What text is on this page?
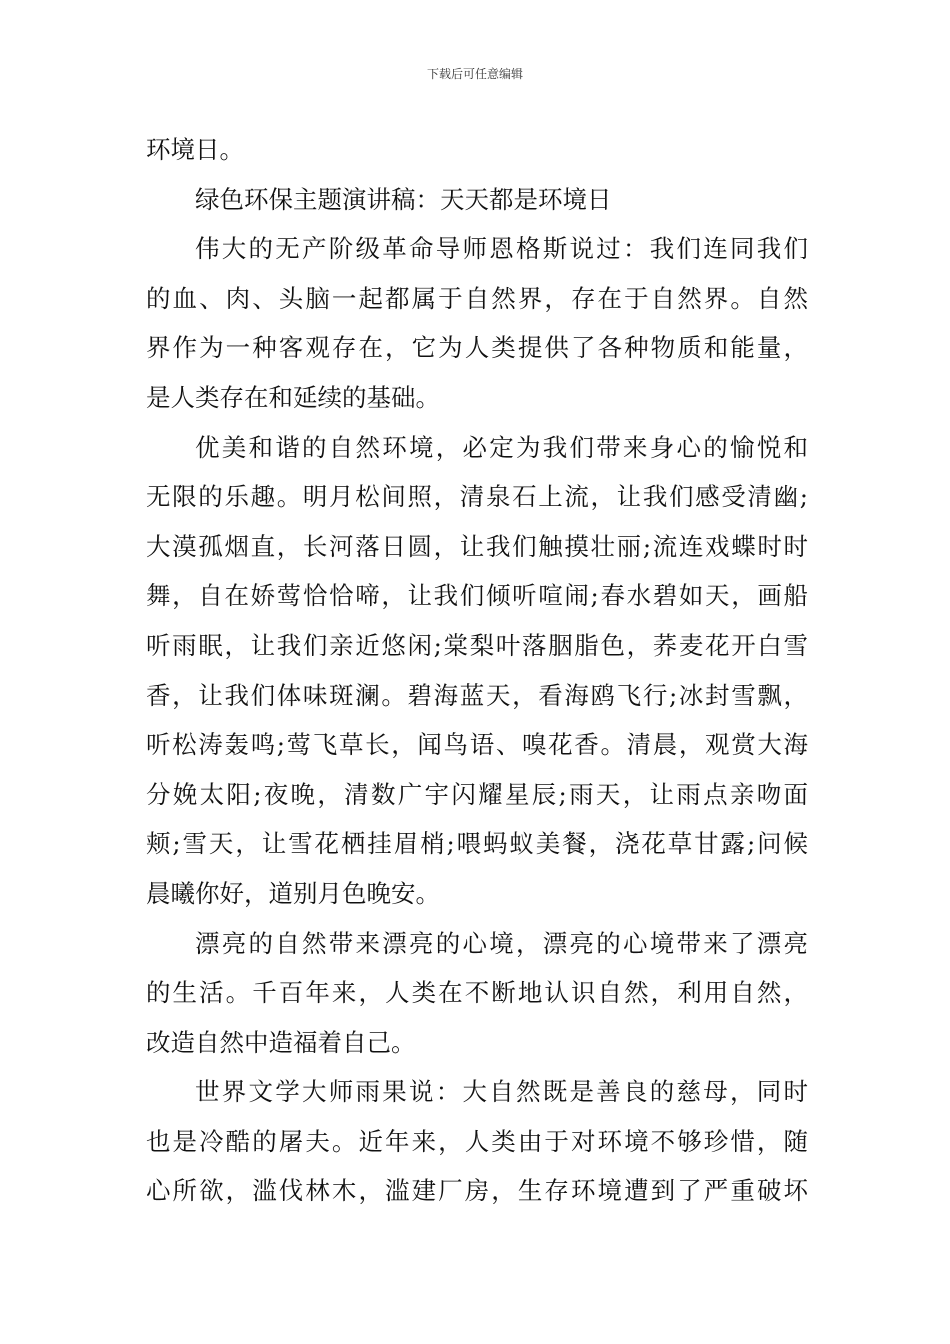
下载后可任意编辑
环境日。
绿色环保主题演讲稿：天天都是环境日
伟大的无产阶级革命导师恩格斯说过：我们连同我们
的血、肉、头脑一起都属于自然界，存在于自然界。自然
界作为一种客观存在，它为人类提供了各种物质和能量，
是人类存在和延续的基础。
优美和谐的自然环境，必定为我们带来身心的愉悦和
无限的乐趣。明月松间照，清泉石上流，让我们感受清幽;
大漠孤烟直，长河落日圆，让我们触摸壮丽;流连戏蝶时时
舞，自在娇莺恰恰啼，让我们倾听喧闹;春水碧如天，画船
听雨眠，让我们亲近悠闲;棠梨叶落胭脂色，荞麦花开白雪
香，让我们体味斑澜。碧海蓝天，看海鸥飞行;冰封雪飘，
听松涛轰鸣;莺飞草长，闻鸟语、嗅花香。清晨，观赏大海
分娩太阳;夜晚，清数广宇闪耀星辰;雨天，让雨点亲吻面
颊;雪天，让雪花栖挂眉梢;喂蚂蚁美餐，浇花草甘露;问候
晨曦你好，道别月色晚安。
漂亮的自然带来漂亮的心境，漂亮的心境带来了漂亮
的生活。千百年来，人类在不断地认识自然，利用自然，
改造自然中造福着自己。
世界文学大师雨果说：大自然既是善良的慈母，同时
也是冷酷的屠夫。近年来，人类由于对环境不够珍惜，随
心所欲，滥伐林木，滥建厂房，生存环境遭到了严重破坏
